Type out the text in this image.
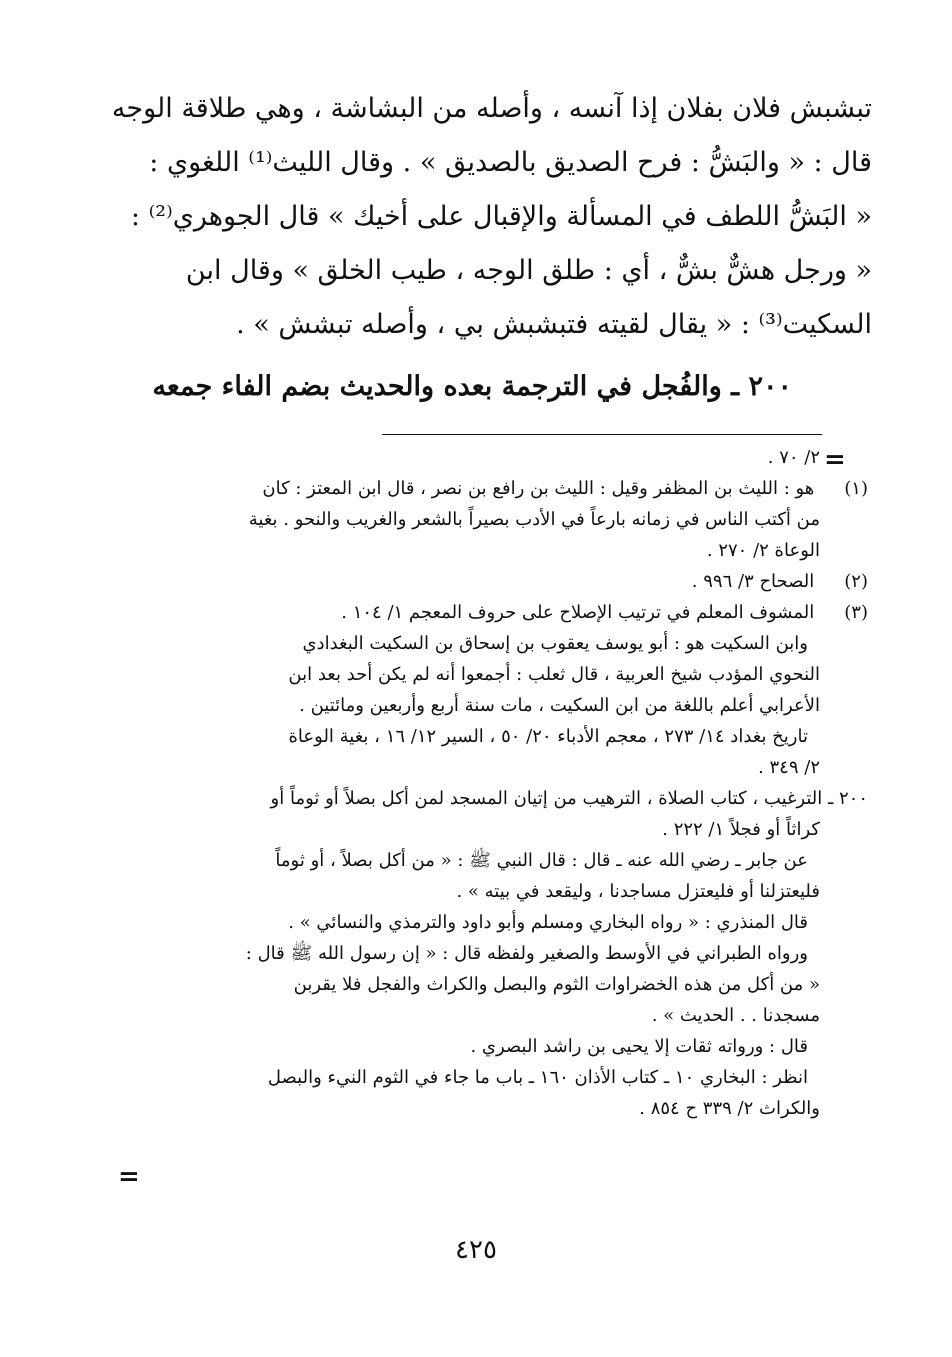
تبشبش فلان بفلان إذا آنسه ، وأصله من البشاشة ، وهي طلاقة الوجه
قال : « والبَشُّ : فرح الصديق بالصديق » . وقال الليث⁽¹⁾ اللغوي :
« البَشُّ اللطف في المسألة والإقبال على أخيك » قال الجوهري⁽²⁾ :
« ورجل هشٌّ بشٌّ ، أي : طلق الوجه ، طيب الخلق » وقال ابن
السكيت⁽³⁾ : « يقال لقيته فتبشبش بي ، وأصله تبشش » .
٢٠٠ ـ والفُجل في الترجمة بعده والحديث بضم الفاء جمعه
=
=
٢/ ٧٠ .
(١) هو : الليث بن المظفر وقيل : الليث بن رافع بن نصر ، قال ابن المعتز : كان
من أكتب الناس في زمانه بارعاً في الأدب بصيراً بالشعر والغريب والنحو . بغية
الوعاة ٢/ ٢٧٠ .
(٢) الصحاح ٣/ ٩٩٦ .
(٣) المشوف المعلم في ترتيب الإصلاح على حروف المعجم ١/ ١٠٤ .
وابن السكيت هو : أبو يوسف يعقوب بن إسحاق بن السكيت البغدادي
النحوي المؤدب شيخ العربية ، قال ثعلب : أجمعوا أنه لم يكن أحد بعد ابن
الأعرابي أعلم باللغة من ابن السكيت ، مات سنة أربع وأربعين ومائتين .
تاريخ بغداد ١٤/ ٢٧٣ ، معجم الأدباء ٢٠/ ٥٠ ، السير ١٢/ ١٦ ، بغية الوعاة
٢/ ٣٤٩ .
٢٠٠ ـ الترغيب ، كتاب الصلاة ، الترهيب من إتيان المسجد لمن أكل بصلاً أو ثوماً أو
كراثاً أو فجلاً ١/ ٢٢٢ .
عن جابر ـ رضي الله عنه ـ قال : قال النبي ﷺ : « من أكل بصلاً ، أو ثوماً
فليعتزلنا أو فليعتزل مساجدنا ، وليقعد في بيته » .
قال المنذري : « رواه البخاري ومسلم وأبو داود والترمذي والنسائي » .
ورواه الطبراني في الأوسط والصغير ولفظه قال : « إن رسول الله ﷺ قال :
« من أكل من هذه الخضراوات الثوم والبصل والكراث والفجل فلا يقربن
مسجدنا . . الحديث » .
قال : ورواته ثقات إلا يحيى بن راشد البصري .
انظر : البخاري ١٠ ـ كتاب الأذان ١٦٠ ـ باب ما جاء في الثوم النيء والبصل
والكراث ٢/ ٣٣٩ ح ٨٥٤ .
٤٢٥
